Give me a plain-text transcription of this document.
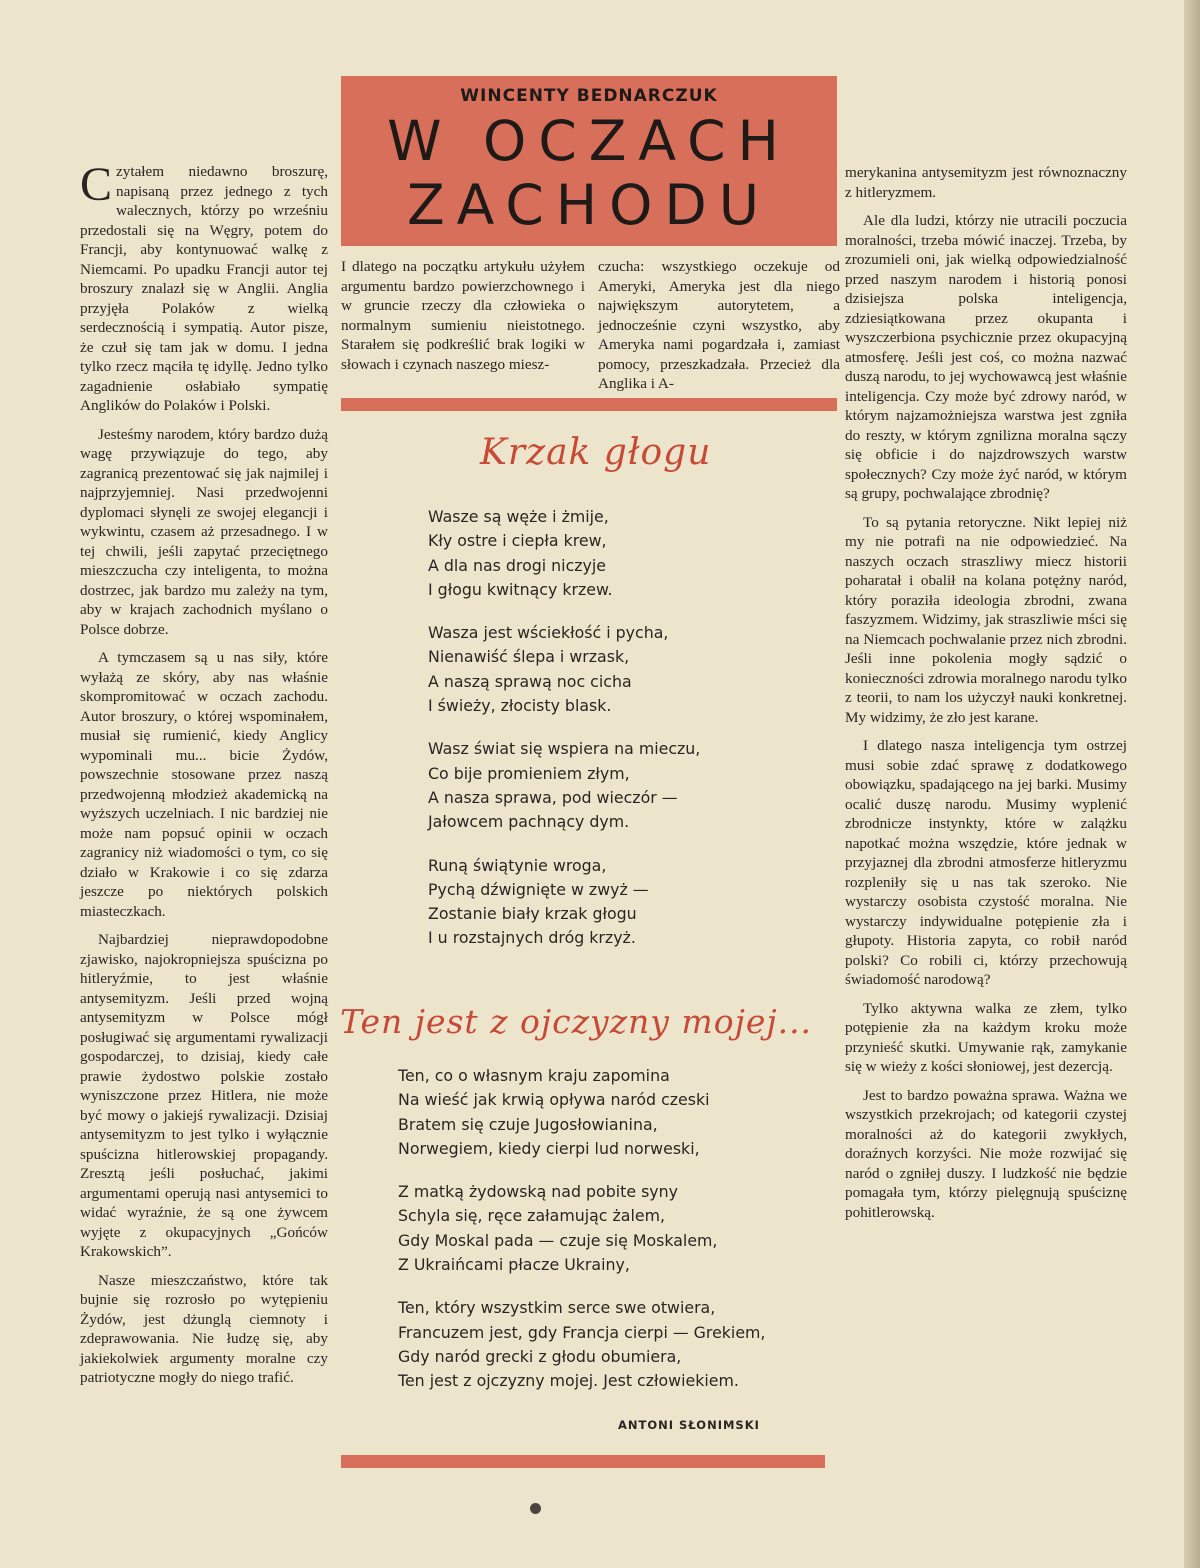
WINCENTY BEDNARCZUK
W OCZACH
ZACHODU

Czytałem niedawno broszurę, napisaną przez jednego z tych walecznych, którzy po wrześniu przedostali się na Węgry, potem do Francji, aby kontynuować walkę z Niemcami. Po upadku Francji autor tej broszury znalazł się w Anglii. Anglia przyjęła Polaków z wielką serdecznością i sympatią. Autor pisze, że czuł się tam jak w domu. I jedna tylko rzecz mąciła tę idyllę. Jedno tylko zagadnienie osłabiało sympatię Anglików do Polaków i Polski.

Jesteśmy narodem, który bardzo dużą wagę przywiązuje do tego, aby zagranicą prezentować się jak najmilej i najprzyjemniej. Nasi przedwojenni dyplomaci słynęli ze swojej elegancji i wykwintu, czasem aż przesadnego. I w tej chwili, jeśli zapytać przeciętnego mieszczucha czy inteligenta, to można dostrzec, jak bardzo mu zależy na tym, aby w krajach zachodnich myślano o Polsce dobrze.

A tymczasem są u nas siły, które wyłażą ze skóry, aby nas właśnie skompromitować w oczach zachodu. Autor broszury, o której wspominałem, musiał się rumienić, kiedy Anglicy wypominali mu... bicie Żydów, powszechnie stosowane przez naszą przedwojenną młodzież akademicką na wyższych uczelniach. I nic bardziej nie może nam popsuć opinii w oczach zagranicy niż wiadomości o tym, co się działo w Krakowie i co się zdarza jeszcze po niektórych polskich miasteczkach.

Najbardziej nieprawdopodobne zjawisko, najokropniejsza spuścizna po hitleryźmie, to jest właśnie antysemityzm. Jeśli przed wojną antysemityzm w Polsce mógł posługiwać się argumentami rywalizacji gospodarczej, to dzisiaj, kiedy całe prawie żydostwo polskie zostało wyniszczone przez Hitlera, nie może być mowy o jakiejś rywalizacji. Dzisiaj antysemityzm to jest tylko i wyłącznie spuścizna hitlerowskiej propagandy. Zresztą jeśli posłuchać, jakimi argumentami operują nasi antysemici to widać wyraźnie, że są one żywcem wyjęte z okupacyjnych „Gońców Krakowskich”.

Nasze mieszczaństwo, które tak bujnie się rozrosło po wytępieniu Żydów, jest dżunglą ciemnoty i zdeprawowania. Nie łudzę się, aby jakiekolwiek argumenty moralne czy patriotyczne mogły do niego trafić.

I dlatego na początku artykułu użyłem argumentu bardzo powierzchownego i w gruncie rzeczy dla człowieka o normalnym sumieniu nieistotnego. Starałem się podkreślić brak logiki w słowach i czynach naszego miesz-

czucha: wszystkiego oczekuje od Ameryki, Ameryka jest dla niego największym autorytetem, a jednocześnie czyni wszystko, aby Ameryka nami pogardzała i, zamiast pomocy, przeszkadzała. Przecież dla Anglika i A-

Krzak głogu
Wasze są węże i żmije,
Kły ostre i ciepła krew,
A dla nas drogi niczyje
I głogu kwitnący krzew.
Wasza jest wściekłość i pycha,
Nienawiść ślepa i wrzask,
A naszą sprawą noc cicha
I świeży, złocisty blask.
Wasz świat się wspiera na mieczu,
Co bije promieniem złym,
A nasza sprawa, pod wieczór —
Jałowcem pachnący dym.
Runą świątynie wroga,
Pychą dźwignięte w zwyż —
Zostanie biały krzak głogu
I u rozstajnych dróg krzyż.
Ten jest z ojczyzny mojej...
Ten, co o własnym kraju zapomina
Na wieść jak krwią opływa naród czeski
Bratem się czuje Jugosłowianina,
Norwegiem, kiedy cierpi lud norweski,
Z matką żydowską nad pobite syny
Schyla się, ręce załamując żalem,
Gdy Moskal pada — czuje się Moskalem,
Z Ukraińcami płacze Ukrainy,
Ten, który wszystkim serce swe otwiera,
Francuzem jest, gdy Francja cierpi — Grekiem,
Gdy naród grecki z głodu obumiera,
Ten jest z ojczyzny mojej. Jest człowiekiem.
ANTONI SŁONIMSKI

merykanina antysemityzm jest równoznaczny z hitleryzmem.

Ale dla ludzi, którzy nie utracili poczucia moralności, trzeba mówić inaczej. Trzeba, by zrozumieli oni, jak wielką odpowiedzialność przed naszym narodem i historią ponosi dzisiejsza polska inteligencja, zdziesiątkowana przez okupanta i wyszczerbiona psychicznie przez okupacyjną atmosferę. Jeśli jest coś, co można nazwać duszą narodu, to jej wychowawcą jest właśnie inteligencja. Czy może być zdrowy naród, w którym najzamożniejsza warstwa jest zgniła do reszty, w którym zgnilizna moralna sączy się obficie i do najzdrowszych warstw społecznych? Czy może żyć naród, w którym są grupy, pochwalające zbrodnię?

To są pytania retoryczne. Nikt lepiej niż my nie potrafi na nie odpowiedzieć. Na naszych oczach straszliwy miecz historii poharatał i obalił na kolana potężny naród, który poraziła ideologia zbrodni, zwana faszyzmem. Widzimy, jak straszliwie mści się na Niemcach pochwalanie przez nich zbrodni. Jeśli inne pokolenia mogły sądzić o konieczności zdrowia moralnego narodu tylko z teorii, to nam los użyczył nauki konkretnej. My widzimy, że zło jest karane.

I dlatego nasza inteligencja tym ostrzej musi sobie zdać sprawę z dodatkowego obowiązku, spadającego na jej barki. Musimy ocalić duszę narodu. Musimy wyplenić zbrodnicze instynkty, które w zalążku napotkać można wszędzie, które jednak w przyjaznej dla zbrodni atmosferze hitleryzmu rozpleniły się u nas tak szeroko. Nie wystarczy osobista czystość moralna. Nie wystarczy indywidualne potępienie zła i głupoty. Historia zapyta, co robił naród polski? Co robili ci, którzy przechowują świadomość narodową?

Tylko aktywna walka ze złem, tylko potępienie zła na każdym kroku może przynieść skutki. Umywanie rąk, zamykanie się w wieży z kości słoniowej, jest dezercją.

Jest to bardzo poważna sprawa. Ważna we wszystkich przekrojach; od kategorii czystej moralności aż do kategorii zwykłych, doraźnych korzyści. Nie może rozwijać się naród o zgniłej duszy. I ludzkość nie będzie pomagała tym, którzy pielęgnują spuściznę pohitlerowską.
